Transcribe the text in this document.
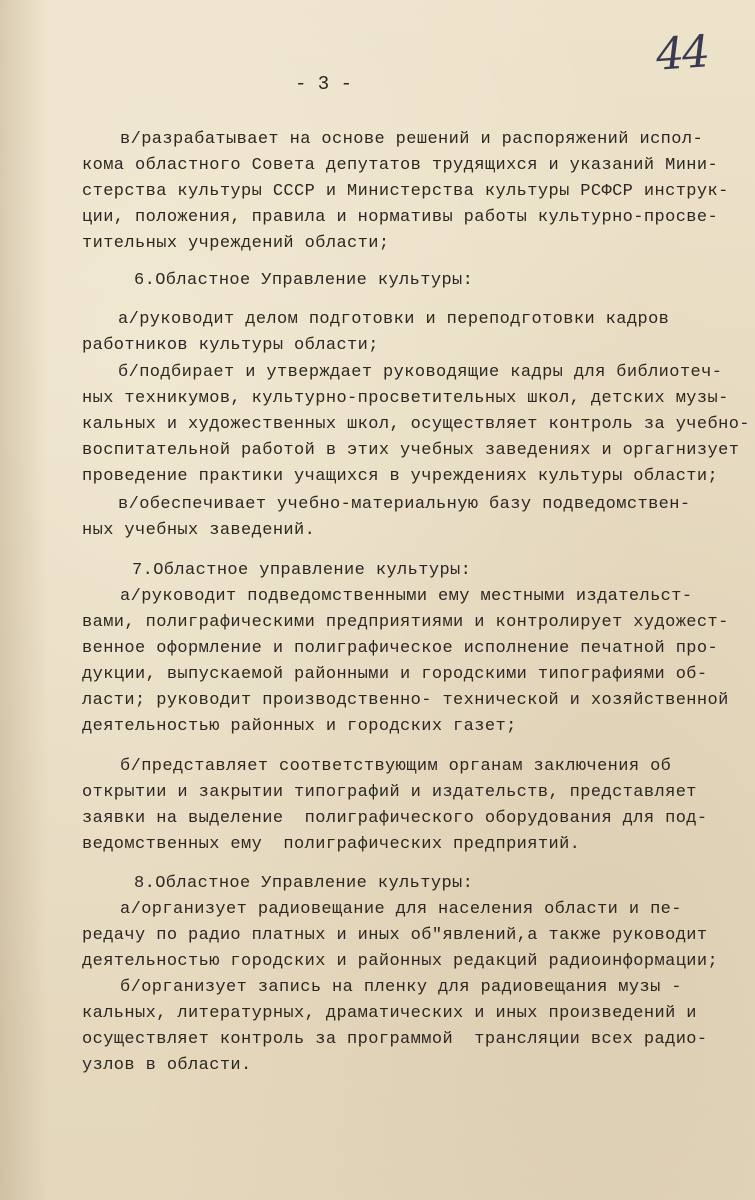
44
- 3 -

в/разрабатывает на основе решений и распоряжений испол-

кома областного Совета депутатов трудящихся и указаний Мини-

стерства культуры СССР и Министерства культуры РСФСР инструк-

ции, положения, правила и нормативы работы культурно-просве-

тительных учреждений области;

6.Областное Управление культуры:

а/руководит делом подготовки и переподготовки кадров

работников культуры области;

б/подбирает и утверждает руководящие кадры для библиотеч-

ных техникумов, культурно-просветительных школ, детских музы-

кальных и художественных школ, осуществляет контроль за учебно-

воспитательной работой в этих учебных заведениях и оргагнизует

проведение практики учащихся в учреждениях культуры области;

в/обеспечивает учебно-материальную базу подведомствен-

ных учебных заведений.

7.Областное управление культуры:

а/руководит подведомственными ему местными издательст-

вами, полиграфическими предприятиями и контролирует художест-

венное оформление и полиграфическое исполнение печатной про-

дукции, выпускаемой районными и городскими типографиями об-

ласти; руководит производственно- технической и хозяйственной

деятельностью районных и городских газет;

б/представляет соответствующим органам заключения об

открытии и закрытии типографий и издательств, представляет

заявки на выделение  полиграфического оборудования для под-

ведомственных ему  полиграфических предприятий.

8.Областное Управление культуры:

а/организует радиовещание для населения области и пе-

редачу по радио платных и иных об"явлений,а также руководит

деятельностью городских и районных редакций радиоинформации;

б/организует запись на пленку для радиовещания музы -

кальных, литературных, драматических и иных произведений и

осуществляет контроль за программой  трансляции всех радио-

узлов в области.
